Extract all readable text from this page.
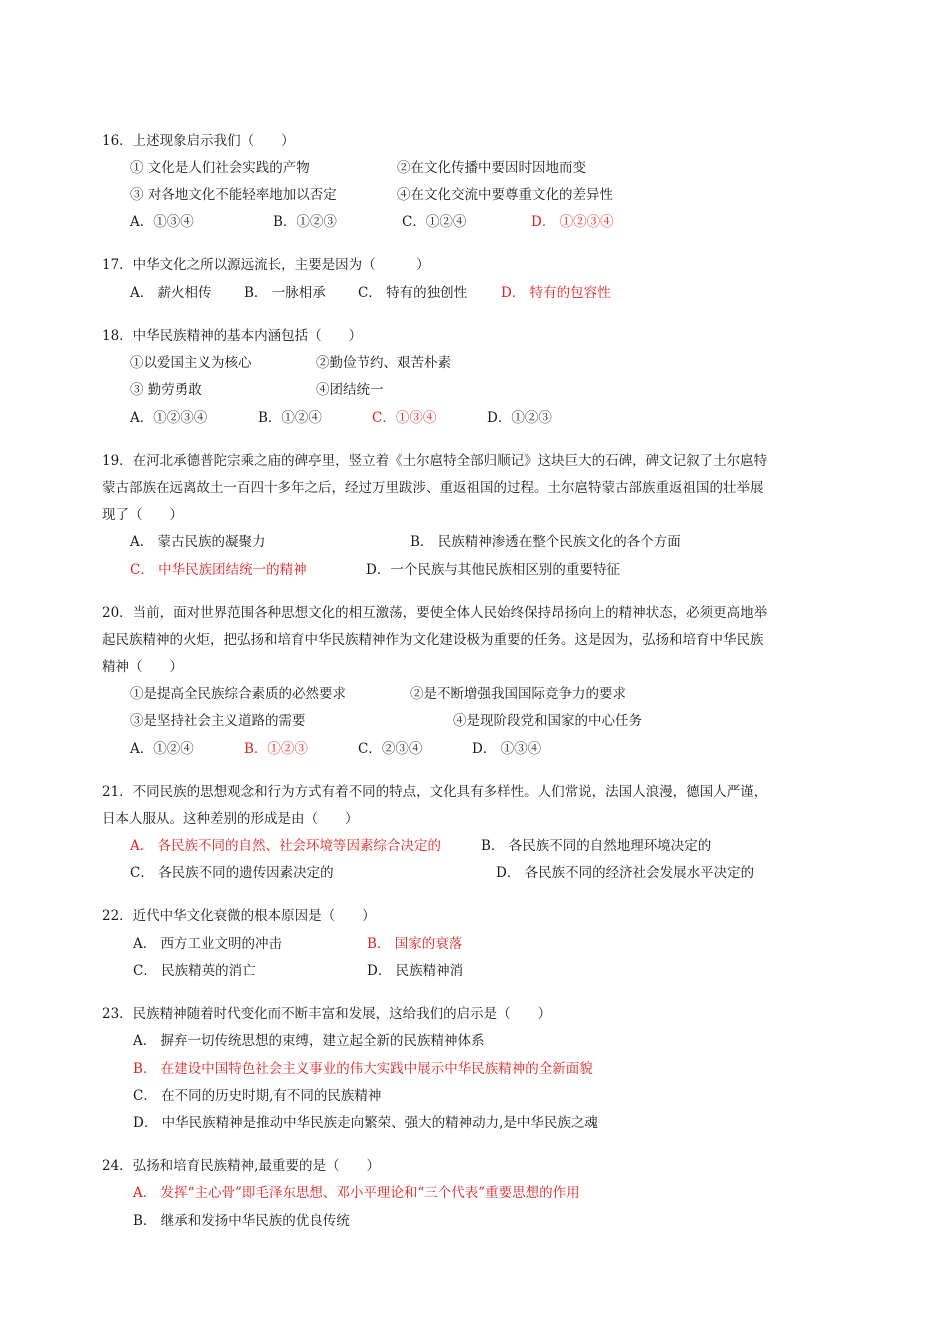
16．上述现象启示我们（　　）
① 文化是人们社会实践的产物	②在文化传播中要因时因地而变
③ 对各地文化不能轻率地加以否定	④在文化交流中要尊重文化的差异性
A．①③④	B．①②③	C．①②④	D． ①②③④
17．中华文化之所以源远流长，主要是因为（　　　）
A． 薪火相传 B． 一脉相承 C． 特有的独创性	D． 特有的包容性
18．中华民族精神的基本内涵包括（　　）
①以爱国主义为核心	②勤俭节约、艰苦朴素
③ 勤劳勇敢	④团结统一
A．①②③④	B．①②④	C．①③④	D．①②③
19．在河北承德普陀宗乘之庙的碑亭里，竖立着《土尔扈特全部归顺记》这块巨大的石碑，碑文记叙了土尔扈特
蒙古部族在远离故土一百四十多年之后，经过万里跋涉、重返祖国的过程。土尔扈特蒙古部族重返祖国的壮举展
现了（　　）
A． 蒙古民族的凝聚力	B． 民族精神渗透在整个民族文化的各个方面
C． 中华民族团结统一的精神	D．一个民族与其他民族相区别的重要特征
20．当前，面对世界范围各种思想文化的相互激荡，要使全体人民始终保持昂扬向上的精神状态，必须更高地举
起民族精神的火炬，把弘扬和培育中华民族精神作为文化建设极为重要的任务。这是因为，弘扬和培育中华民族
精神（　　）
①是提高全民族综合素质的必然要求	②是不断增强我国国际竞争力的要求
③是坚持社会主义道路的需要	④是现阶段党和国家的中心任务
A．①②④	B．①②③	C．②③④	D． ①③④
21．不同民族的思想观念和行为方式有着不同的特点，文化具有多样性。人们常说，法国人浪漫，德国人严谨，
日本人服从。这种差别的形成是由（　　）
A． 各民族不同的自然、社会环境等因素综合决定的	B． 各民族不同的自然地理环境决定的
C． 各民族不同的遗传因素决定的	D． 各民族不同的经济社会发展水平决定的
22．近代中华文化衰微的根本原因是（　　）
A． 西方工业文明的冲击	B． 国家的衰落
C． 民族精英的消亡	D． 民族精神消
23．民族精神随着时代变化而不断丰富和发展，这给我们的启示是（　　）
A． 摒弃一切传统思想的束缚，建立起全新的民族精神体系
B． 在建设中国特色社会主义事业的伟大实践中展示中华民族精神的全新面貌
C． 在不同的历史时期,有不同的民族精神
D． 中华民族精神是推动中华民族走向繁荣、强大的精神动力,是中华民族之魂
24．弘扬和培育民族精神,最重要的是（　　）
A． 发挥“主心骨”即毛泽东思想、邓小平理论和“三个代表”重要思想的作用
B． 继承和发扬中华民族的优良传统
